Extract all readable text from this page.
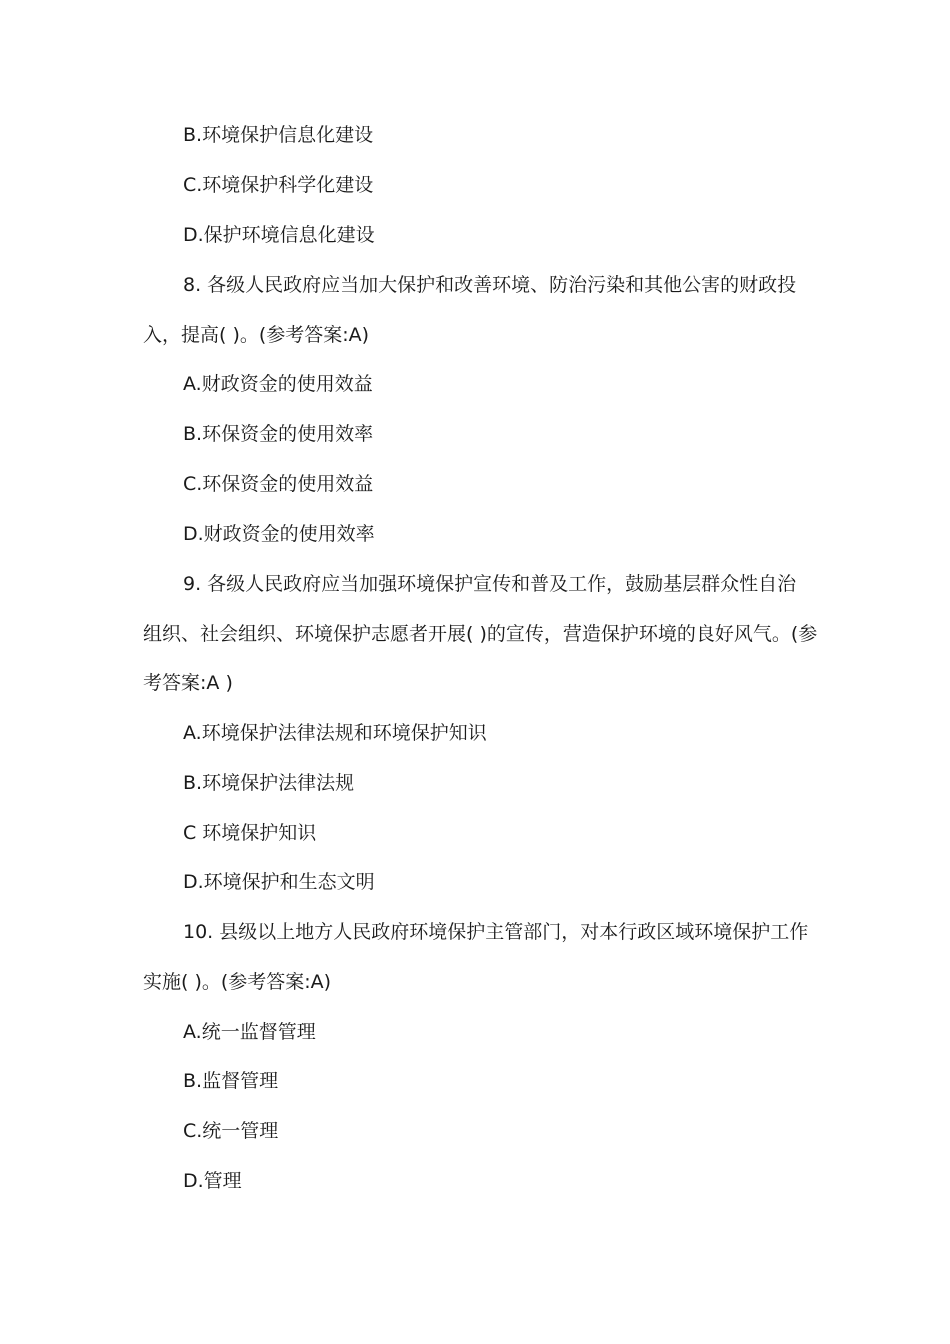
B.环境保护信息化建设
C.环境保护科学化建设
D.保护环境信息化建设
8. 各级人民政府应当加大保护和改善环境、防治污染和其他公害的财政投
入，提高( )。(参考答案:A)
A.财政资金的使用效益
B.环保资金的使用效率
C.环保资金的使用效益
D.财政资金的使用效率
9. 各级人民政府应当加强环境保护宣传和普及工作，鼓励基层群众性自治
组织、社会组织、环境保护志愿者开展( )的宣传，营造保护环境的良好风气。(参
考答案:A )
A.环境保护法律法规和环境保护知识
B.环境保护法律法规
C 环境保护知识
D.环境保护和生态文明
10. 县级以上地方人民政府环境保护主管部门，对本行政区域环境保护工作
实施( )。(参考答案:A)
A.统一监督管理
B.监督管理
C.统一管理
D.管理
